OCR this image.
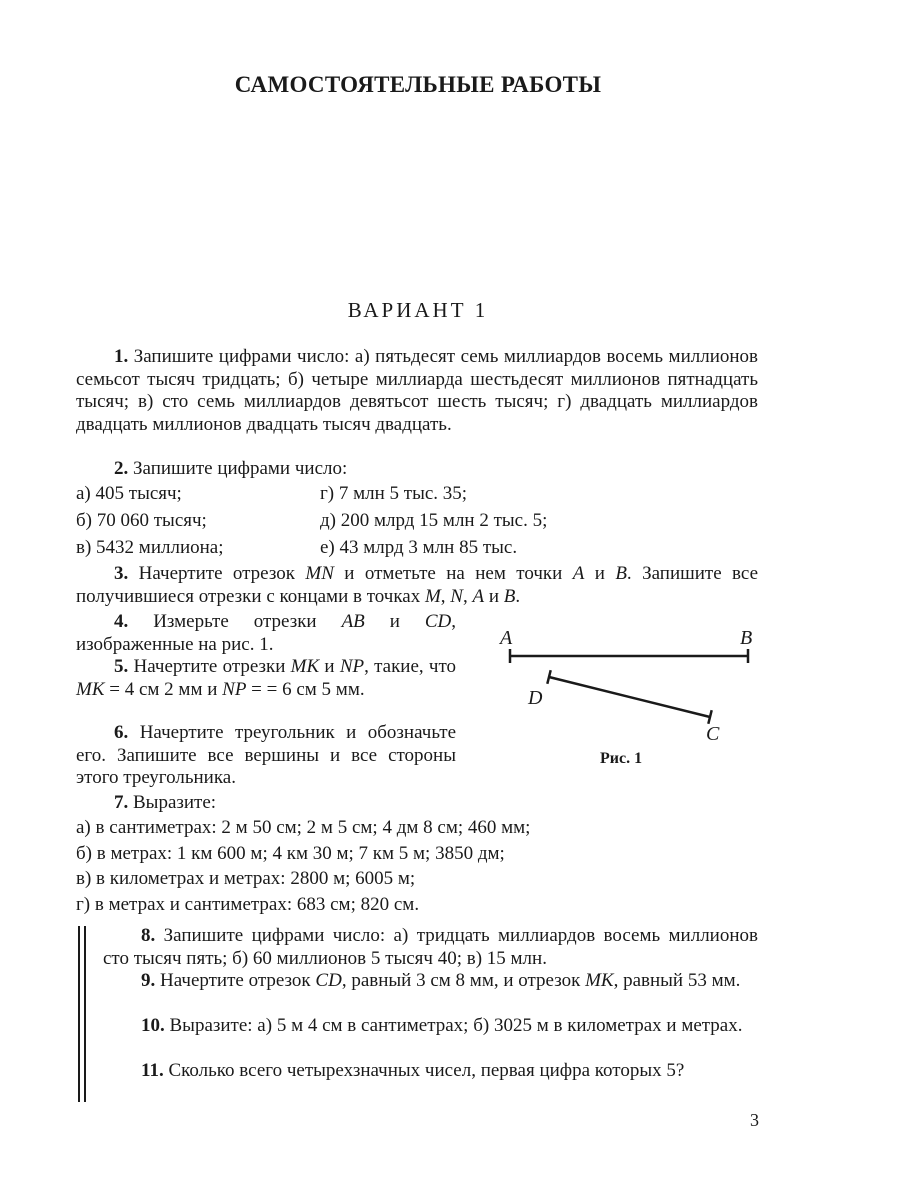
САМОСТОЯТЕЛЬНЫЕ РАБОТЫ
ВАРИАНТ 1
1. Запишите цифрами число: а) пятьдесят семь миллиардов восемь миллионов семьсот тысяч тридцать; б) четыре миллиарда шестьдесят миллионов пятнадцать тысяч; в) сто семь миллиардов девятьсот шесть тысяч; г) двадцать миллиардов двадцать миллионов двадцать тысяч двадцать.
2. Запишите цифрами число:
а) 405 тысяч;	г) 7 млн 5 тыс. 35;
б) 70 060 тысяч;	д) 200 млрд 15 млн 2 тыс. 5;
в) 5432 миллиона;	е) 43 млрд 3 млн 85 тыс.
3. Начертите отрезок MN и отметьте на нем точки A и B. Запишите все получившиеся отрезки с концами в точках M, N, A и B.
4. Измерьте отрезки AB и CD, изображенные на рис. 1.
5. Начертите отрезки MK и NP, такие, что MK = 4 см 2 мм и NP = = 6 см 5 мм.
6. Начертите треугольник и обозначьте его. Запишите все вершины и все стороны этого треугольника.
A	B
D
C
Рис. 1
7. Выразите:
а) в сантиметрах: 2 м 50 см; 2 м 5 см; 4 дм 8 см; 460 мм;
б) в метрах: 1 км 600 м; 4 км 30 м; 7 км 5 м; 3850 дм;
в) в километрах и метрах: 2800 м; 6005 м;
г) в метрах и сантиметрах: 683 см; 820 см.
8. Запишите цифрами число: а) тридцать миллиардов восемь миллионов сто тысяч пять; б) 60 миллионов 5 тысяч 40; в) 15 млн.
9. Начертите отрезок CD, равный 3 см 8 мм, и отрезок MK, равный 53 мм.
10. Выразите: а) 5 м 4 см в сантиметрах; б) 3025 м в километрах и метрах.
11. Сколько всего четырехзначных чисел, первая цифра которых 5?
3
